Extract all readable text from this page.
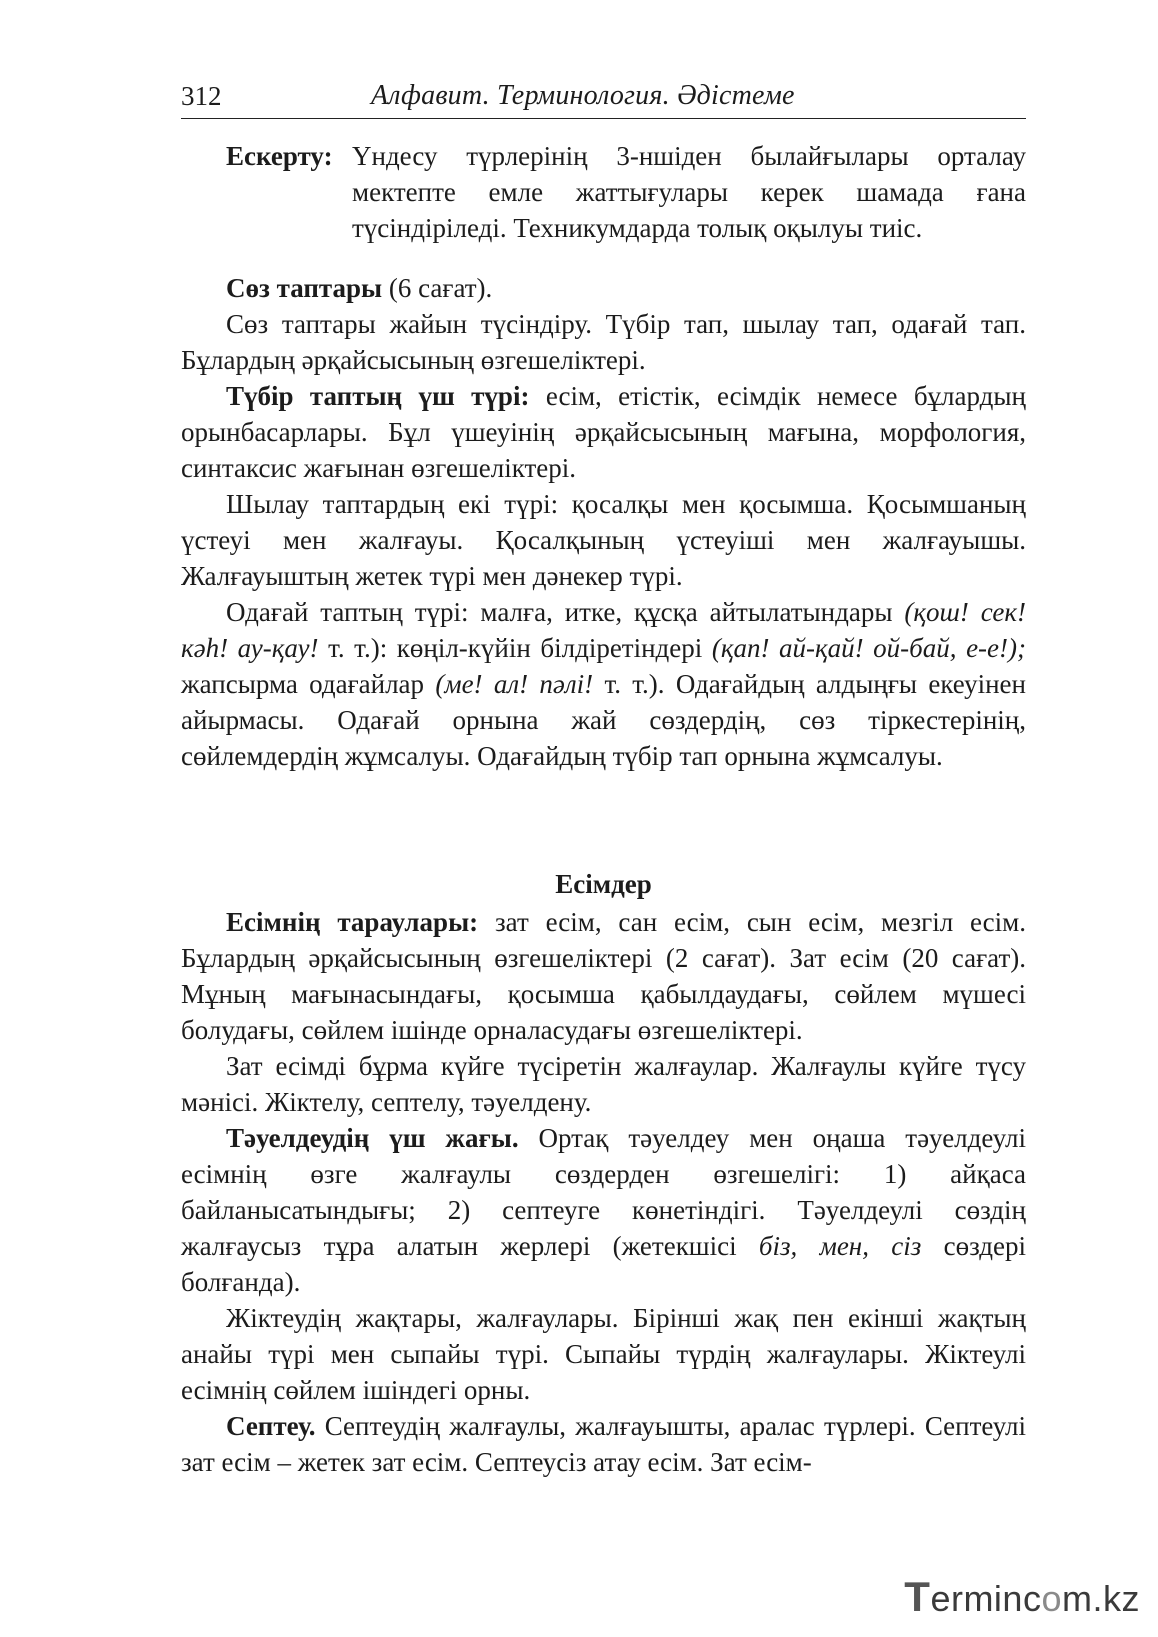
312	Алфавит. Терминология. Әдістеме
Ескерту: Үндесу түрлерінің 3-ншіден былайғылары орталау мектепте емле жаттығулары керек шамада ғана түсіндіріледі. Техникумдарда толық оқылуы тиіс.

Сөз таптары (6 сағат).

Сөз таптары жайын түсіндіру. Түбір тап, шылау тап, одағай тап. Бұлардың әрқайсысының өзгешеліктері.

Түбір таптың үш түрі: есім, етістік, есімдік немесе бұлардың орынбасарлары. Бұл үшеуінің әрқайсысының мағына, морфология, синтаксис жағынан өзгешеліктері.

Шылау таптардың екі түрі: қосалқы мен қосымша. Қосымшаның үстеуі мен жалғауы. Қосалқының үстеуіші мен жалғауышы. Жалғауыштың жетек түрі мен дәнекер түрі.

Одағай таптың түрі: малға, итке, құсқа айтылатындары (қош! сек! кәһ! ау-қау! т. т.): көңіл-күйін білдіретіндері (қап! ай-қай! ой-бай, е-е!); жапсырма одағайлар (ме! ал! пәлі! т. т.). Одағайдың алдыңғы екеуінен айырмасы. Одағай орнына жай сөздердің, сөз тіркестерінің, сөйлемдердің жұмсалуы. Одағайдың түбір тап орнына жұмсалуы.

Есімдер

Есімнің тараулары: зат есім, сан есім, сын есім, мезгіл есім. Бұлардың әрқайсысының өзгешеліктері (2 сағат). Зат есім (20 сағат). Мұның мағынасындағы, қосымша қабылдаудағы, сөйлем мүшесі болудағы, сөйлем ішінде орналасудағы өзгешеліктері.

Зат есімді бұрма күйге түсіретін жалғаулар. Жалғаулы күйге түсу мәнісі. Жіктелу, септелу, тәуелдену.

Тәуелдеудің үш жағы. Ортақ тәуелдеу мен оңаша тәуелдеулі есімнің өзге жалғаулы сөздерден өзгешелігі: 1) айқаса байланысатындығы; 2) септеуге көнетіндігі. Тәуелдеулі сөздің жалғаусыз тұра алатын жерлері (жетекшісі біз, мен, сіз сөздері болғанда).

Жіктеудің жақтары, жалғаулары. Бірінші жақ пен екінші жақтың анайы түрі мен сыпайы түрі. Сыпайы түрдің жалғаулары. Жіктеулі есімнің сөйлем ішіндегі орны.

Септеу. Септеудің жалғаулы, жалғауышты, аралас түрлері. Септеулі зат есім – жетек зат есім. Септеусіз атау есім. Зат есім-

Termincom.kz
